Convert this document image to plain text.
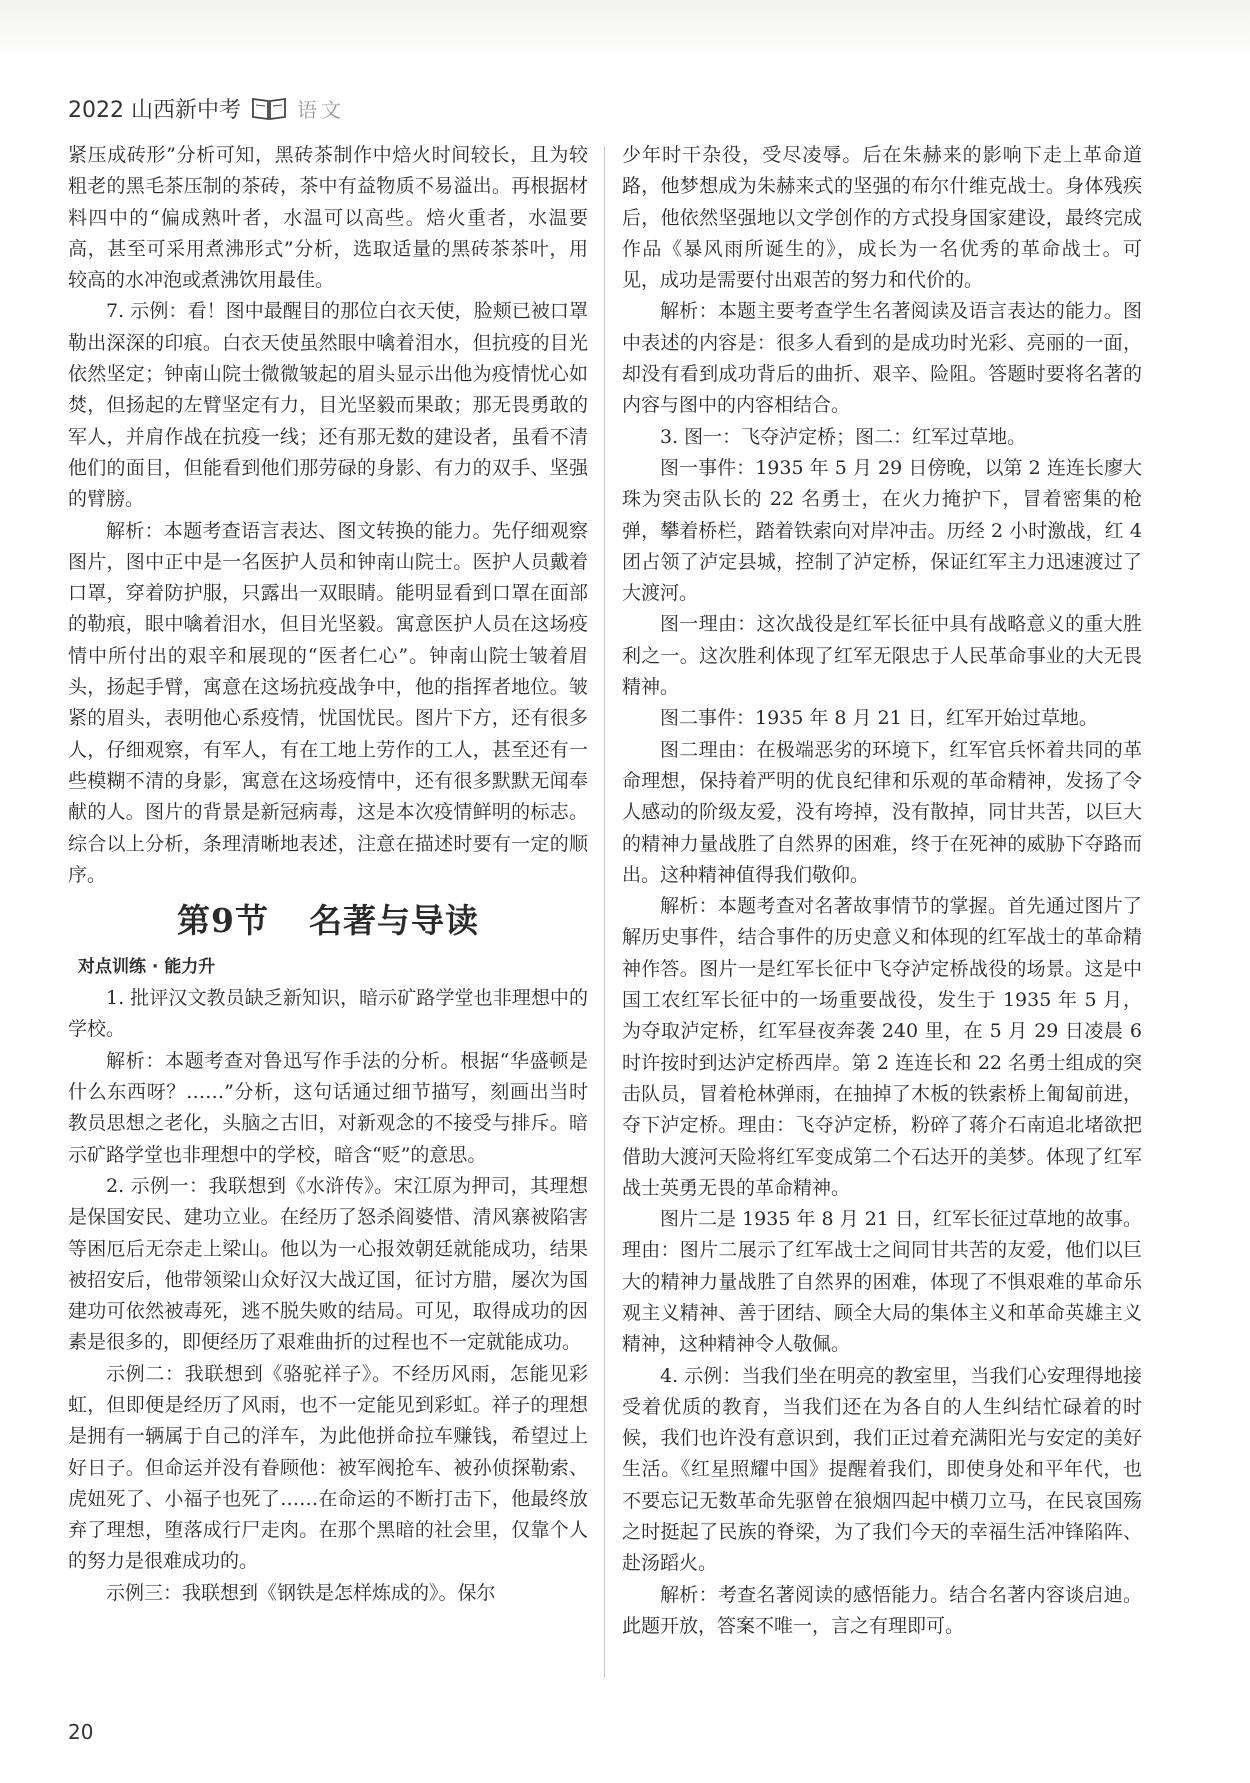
2022 山西新中考	语文

紧压成砖形”分析可知，黑砖茶制作中焙火时间较长，且为较粗老的黑毛茶压制的茶砖，茶中有益物质不易溢出。再根据材料四中的“偏成熟叶者，水温可以高些。焙火重者，水温要高，甚至可采用煮沸形式”分析，选取适量的黑砖茶茶叶，用较高的水冲泡或煮沸饮用最佳。

7. 示例：看！图中最醒目的那位白衣天使，脸颊已被口罩勒出深深的印痕。白衣天使虽然眼中噙着泪水，但抗疫的目光依然坚定；钟南山院士微微皱起的眉头显示出他为疫情忧心如焚，但扬起的左臂坚定有力，目光坚毅而果敢；那无畏勇敢的军人，并肩作战在抗疫一线；还有那无数的建设者，虽看不清他们的面目，但能看到他们那劳碌的身影、有力的双手、坚强的臂膀。

解析：本题考查语言表达、图文转换的能力。先仔细观察图片，图中正中是一名医护人员和钟南山院士。医护人员戴着口罩，穿着防护服，只露出一双眼睛。能明显看到口罩在面部的勒痕，眼中噙着泪水，但目光坚毅。寓意医护人员在这场疫情中所付出的艰辛和展现的“医者仁心”。钟南山院士皱着眉头，扬起手臂，寓意在这场抗疫战争中，他的指挥者地位。皱紧的眉头，表明他心系疫情，忧国忧民。图片下方，还有很多人，仔细观察，有军人，有在工地上劳作的工人，甚至还有一些模糊不清的身影，寓意在这场疫情中，还有很多默默无闻奉献的人。图片的背景是新冠病毒，这是本次疫情鲜明的标志。综合以上分析，条理清晰地表述，注意在描述时要有一定的顺序。

第9节 名著与导读
对点训练 · 能力升

1. 批评汉文教员缺乏新知识，暗示矿路学堂也非理想中的学校。

解析：本题考查对鲁迅写作手法的分析。根据“华盛顿是什么东西呀？……”分析，这句话通过细节描写，刻画出当时教员思想之老化，头脑之古旧，对新观念的不接受与排斥。暗示矿路学堂也非理想中的学校，暗含“贬”的意思。

2. 示例一：我联想到《水浒传》。宋江原为押司，其理想是保国安民、建功立业。在经历了怒杀阎婆惜、清风寨被陷害等困厄后无奈走上梁山。他以为一心报效朝廷就能成功，结果被招安后，他带领梁山众好汉大战辽国，征讨方腊，屡次为国建功可依然被毒死，逃不脱失败的结局。可见，取得成功的因素是很多的，即便经历了艰难曲折的过程也不一定就能成功。

示例二：我联想到《骆驼祥子》。不经历风雨，怎能见彩虹，但即便是经历了风雨，也不一定能见到彩虹。祥子的理想是拥有一辆属于自己的洋车，为此他拼命拉车赚钱，希望过上好日子。但命运并没有眷顾他：被军阀抢车、被孙侦探勒索、虎妞死了、小福子也死了……在命运的不断打击下，他最终放弃了理想，堕落成行尸走肉。在那个黑暗的社会里，仅靠个人的努力是很难成功的。

示例三：我联想到《钢铁是怎样炼成的》。保尔

少年时干杂役，受尽凌辱。后在朱赫来的影响下走上革命道路，他梦想成为朱赫来式的坚强的布尔什维克战士。身体残疾后，他依然坚强地以文学创作的方式投身国家建设，最终完成作品《暴风雨所诞生的》，成长为一名优秀的革命战士。可见，成功是需要付出艰苦的努力和代价的。

解析：本题主要考查学生名著阅读及语言表达的能力。图中表述的内容是：很多人看到的是成功时光彩、亮丽的一面，却没有看到成功背后的曲折、艰辛、险阻。答题时要将名著的内容与图中的内容相结合。

3. 图一：飞夺泸定桥；图二：红军过草地。

图一事件：1935 年 5 月 29 日傍晚，以第 2 连连长廖大珠为突击队长的 22 名勇士，在火力掩护下，冒着密集的枪弹，攀着桥栏，踏着铁索向对岸冲击。历经 2 小时激战，红 4 团占领了泸定县城，控制了泸定桥，保证红军主力迅速渡过了大渡河。

图一理由：这次战役是红军长征中具有战略意义的重大胜利之一。这次胜利体现了红军无限忠于人民革命事业的大无畏精神。

图二事件：1935 年 8 月 21 日，红军开始过草地。

图二理由：在极端恶劣的环境下，红军官兵怀着共同的革命理想，保持着严明的优良纪律和乐观的革命精神，发扬了令人感动的阶级友爱，没有垮掉，没有散掉，同甘共苦，以巨大的精神力量战胜了自然界的困难，终于在死神的威胁下夺路而出。这种精神值得我们敬仰。

解析：本题考查对名著故事情节的掌握。首先通过图片了解历史事件，结合事件的历史意义和体现的红军战士的革命精神作答。图片一是红军长征中飞夺泸定桥战役的场景。这是中国工农红军长征中的一场重要战役，发生于 1935 年 5 月，为夺取泸定桥，红军昼夜奔袭 240 里，在 5 月 29 日凌晨 6 时许按时到达泸定桥西岸。第 2 连连长和 22 名勇士组成的突击队员，冒着枪林弹雨，在抽掉了木板的铁索桥上匍匐前进，夺下泸定桥。理由：飞夺泸定桥，粉碎了蒋介石南追北堵欲把借助大渡河天险将红军变成第二个石达开的美梦。体现了红军战士英勇无畏的革命精神。

图片二是 1935 年 8 月 21 日，红军长征过草地的故事。理由：图片二展示了红军战士之间同甘共苦的友爱，他们以巨大的精神力量战胜了自然界的困难，体现了不惧艰难的革命乐观主义精神、善于团结、顾全大局的集体主义和革命英雄主义精神，这种精神令人敬佩。

4. 示例：当我们坐在明亮的教室里，当我们心安理得地接受着优质的教育，当我们还在为各自的人生纠结忙碌着的时候，我们也许没有意识到，我们正过着充满阳光与安定的美好生活。《红星照耀中国》提醒着我们，即使身处和平年代，也不要忘记无数革命先驱曾在狼烟四起中横刀立马，在民哀国殇之时挺起了民族的脊梁，为了我们今天的幸福生活冲锋陷阵、赴汤蹈火。

解析：考查名著阅读的感悟能力。结合名著内容谈启迪。此题开放，答案不唯一，言之有理即可。

20
